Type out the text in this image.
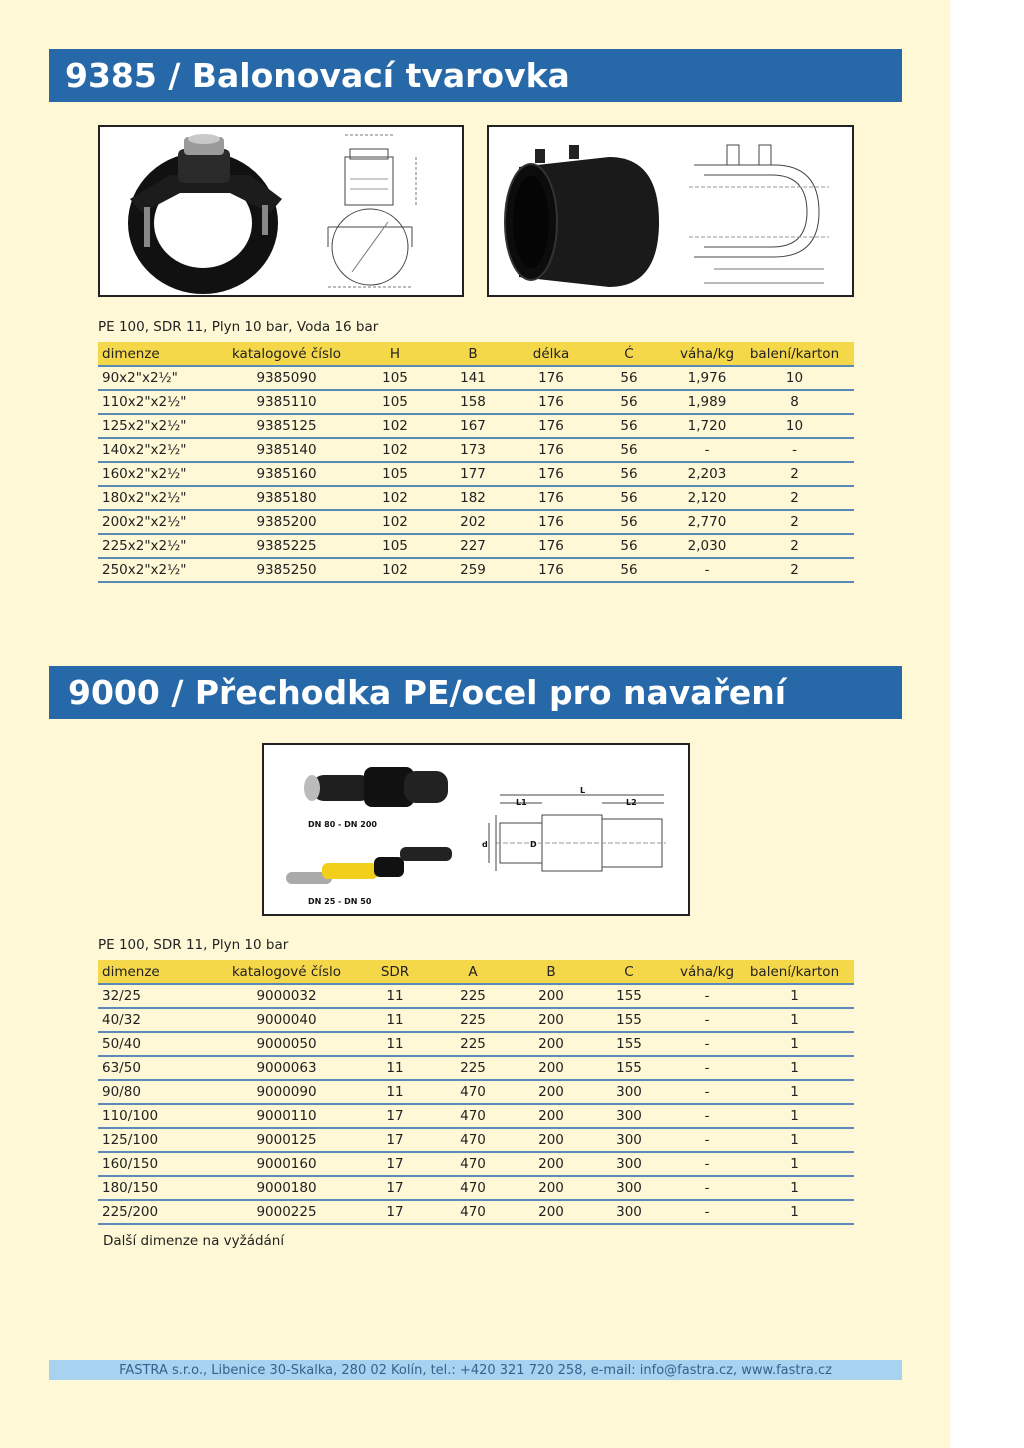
9385 / Balonovací tvarovka
PE 100, SDR 11, Plyn 10 bar, Voda 16 bar
dimenze	katalogové číslo	H	B	délka	Ć	váha/kg	balení/karton
90x2"x2½"	9385090	105	141	176	56	1,976	10
110x2"x2½"	9385110	105	158	176	56	1,989	8
125x2"x2½"	9385125	102	167	176	56	1,720	10
140x2"x2½"	9385140	102	173	176	56	-	-
160x2"x2½"	9385160	105	177	176	56	2,203	2
180x2"x2½"	9385180	102	182	176	56	2,120	2
200x2"x2½"	9385200	102	202	176	56	2,770	2
225x2"x2½"	9385225	105	227	176	56	2,030	2
250x2"x2½"	9385250	102	259	176	56	-	2
9000 / Přechodka PE/ocel pro navaření
DN 80 - DN 200
DN 25 - DN 50
L
L1	L2
d	D
PE 100, SDR 11, Plyn 10 bar
dimenze	katalogové číslo	SDR	A	B	C	váha/kg	balení/karton
32/25	9000032	11	225	200	155	-	1
40/32	9000040	11	225	200	155	-	1
50/40	9000050	11	225	200	155	-	1
63/50	9000063	11	225	200	155	-	1
90/80	9000090	11	470	200	300	-	1
110/100	9000110	17	470	200	300	-	1
125/100	9000125	17	470	200	300	-	1
160/150	9000160	17	470	200	300	-	1
180/150	9000180	17	470	200	300	-	1
225/200	9000225	17	470	200	300	-	1
Další dimenze na vyžádání
FASTRA s.r.o., Libenice 30-Skalka, 280 02 Kolín, tel.: +420 321 720 258, e-mail: info@fastra.cz, www.fastra.cz
